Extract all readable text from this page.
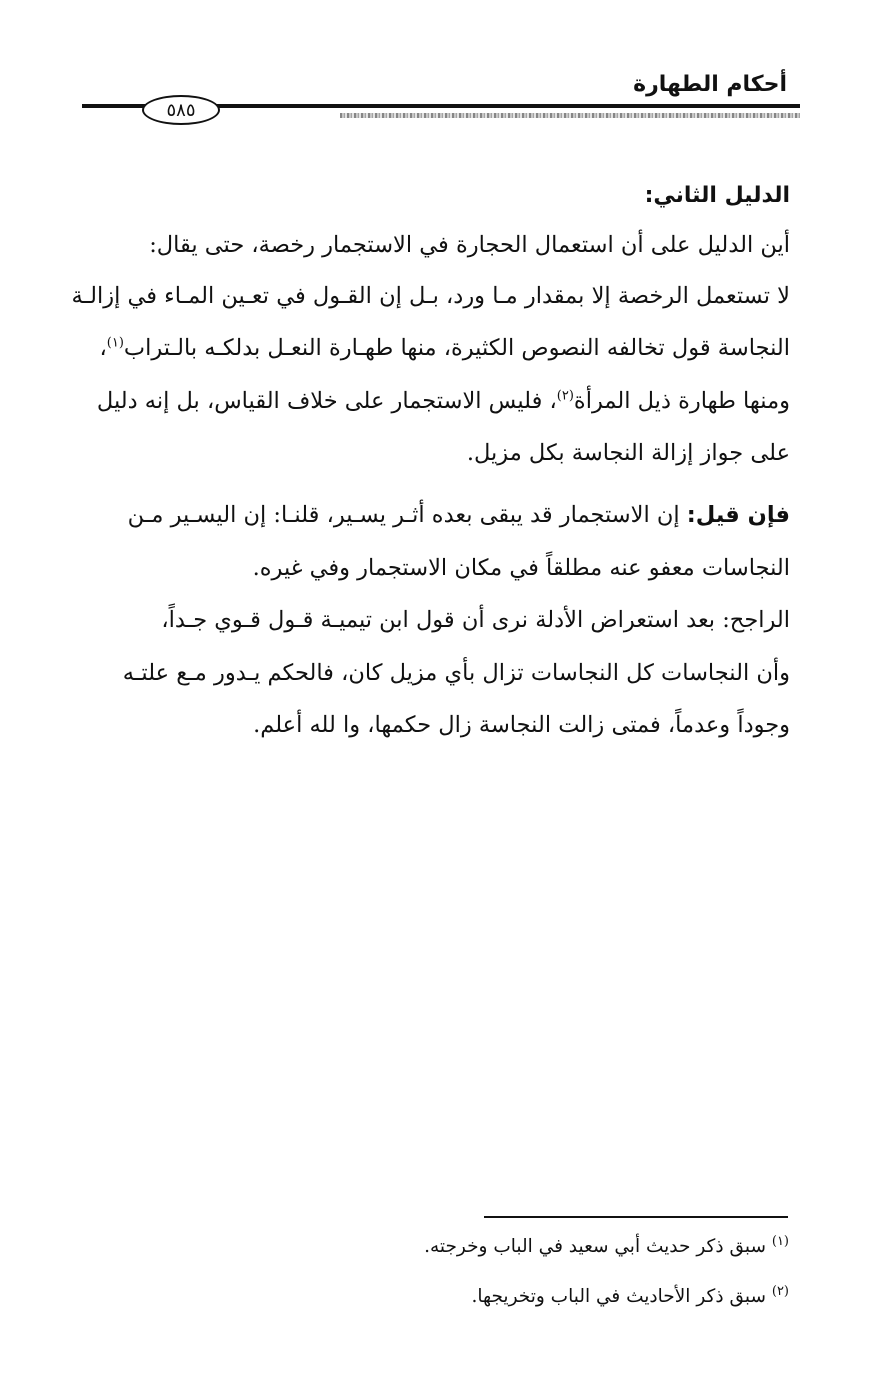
أحكام الطهارة
٥٨٥
الدليل الثاني:
أين الدليل على أن استعمال الحجارة في الاستجمار رخصة، حتى يقال:
لا تستعمل الرخصة إلا بمقدار مـا ورد، بـل إن القـول في تعـين المـاء في إزالـة
النجاسة قول تخالفه النصوص الكثيرة، منها طهـارة النعـل بدلكـه بالـتراب$^{(١)}$،
ومنها طهارة ذيل المرأة$^{(٢)}$، فليس الاستجمار على خلاف القياس، بل إنه دليل
على جواز إزالة النجاسة بكل مزيل.
فإن قيل: إن الاستجمار قد يبقى بعده أثـر يسـير، قلنـا: إن اليسـير مـن
النجاسات معفو عنه مطلقاً في مكان الاستجمار وفي غيره.
الراجح: بعد استعراض الأدلة نرى أن قول ابن تيميـة قـول قـوي جـداً،
وأن النجاسات كل النجاسات تزال بأي مزيل كان، فالحكم يـدور مـع علتـه
وجوداً وعدماً، فمتى زالت النجاسة زال حكمها، وا لله أعلم.
$^{(١)}$ سبق ذكر حديث أبي سعيد في الباب وخرجته.
$^{(٢)}$ سبق ذكر الأحاديث في الباب وتخريجها.
